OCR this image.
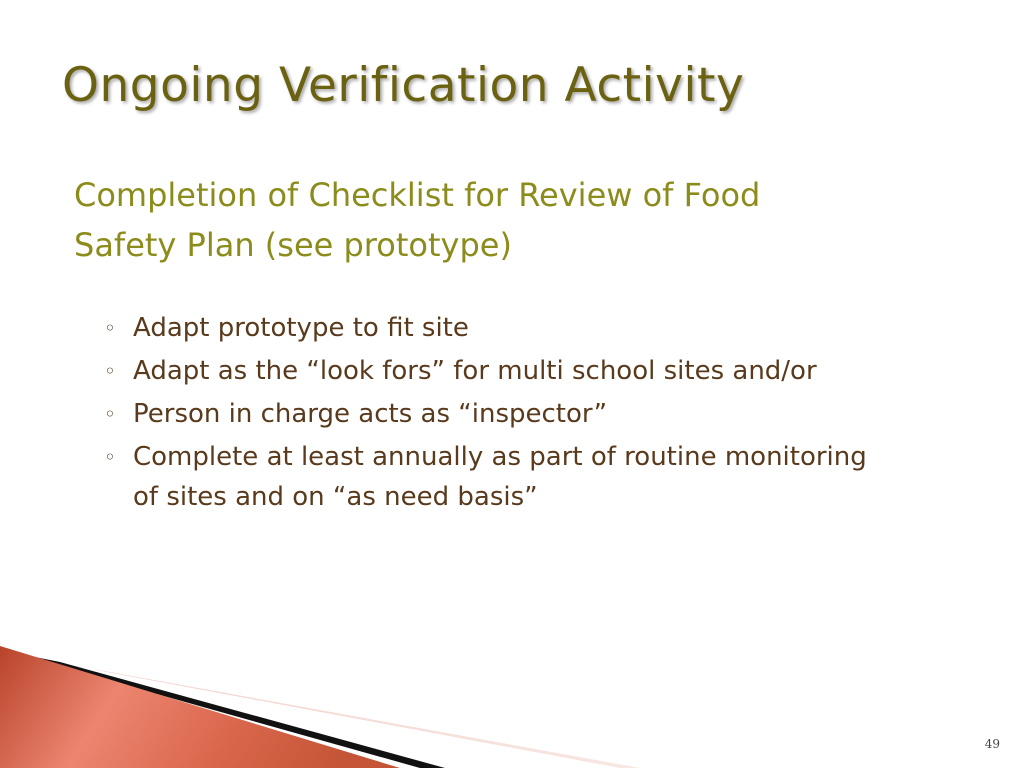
Ongoing Verification Activity

Completion of Checklist for Review of Food Safety Plan (see prototype)

◦ Adapt prototype to fit site
◦ Adapt as the “look fors” for multi school sites and/or
◦ Person in charge acts as “inspector”
◦ Complete at least annually as part of routine monitoring of sites and on “as need basis”
49
